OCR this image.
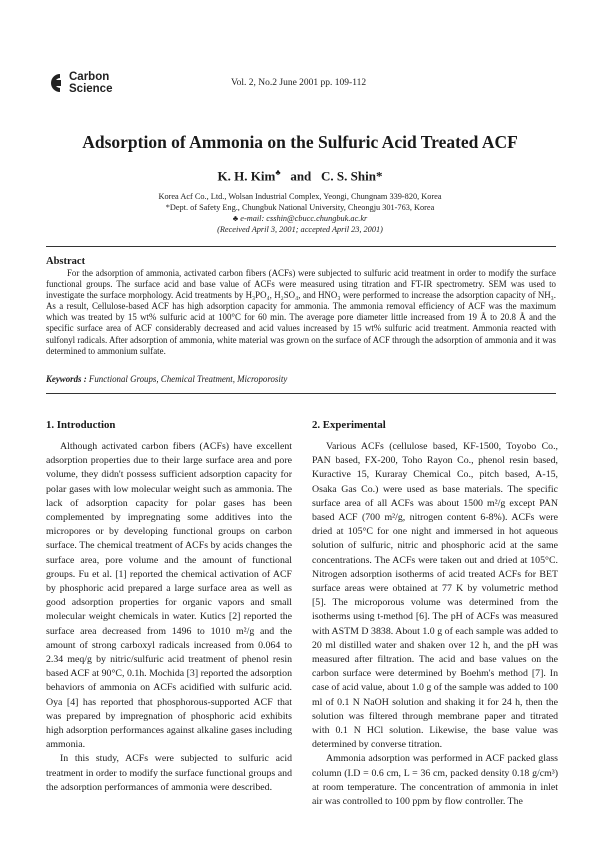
Carbon
Science	Vol. 2, No.2 June 2001 pp. 109-112
Adsorption of Ammonia on the Sulfuric Acid Treated ACF
K. H. Kim♣ and C. S. Shin*
Korea Acf Co., Ltd., Wolsan Industrial Complex, Yeongi, Chungnam 339-820, Korea
*Dept. of Safety Eng., Chungbuk National University, Cheongju 301-763, Korea
♣ e-mail: csshin@cbucc.chungbuk.ac.kr
(Received April 3, 2001; accepted April 23, 2001)
Abstract

For the adsorption of ammonia, activated carbon fibers (ACFs) were subjected to sulfuric acid treatment in order to modify the surface functional groups. The surface acid and base value of ACFs were measured using titration and FT-IR spectrometry. SEM was used to investigate the surface morphology. Acid treatments by H₃PO₄, H₂SO₄, and HNO₃ were performed to increase the adsorption capacity of NH₃. As a result, Cellulose-based ACF has high adsorption capacity for ammonia. The ammonia removal efficiency of ACF was the maximum which was treated by 15 wt% sulfuric acid at 100°C for 60 min. The average pore diameter little increased from 19 Å to 20.8 Å and the specific surface area of ACF considerably decreased and acid values increased by 15 wt% sulfuric acid treatment. Ammonia reacted with sulfonyl radicals. After adsorption of ammonia, white material was grown on the surface of ACF through the adsorption of ammonia and it was determined to ammonium sulfate.

Keywords : Functional Groups, Chemical Treatment, Microporosity
1. Introduction

Although activated carbon fibers (ACFs) have excellent adsorption properties due to their large surface area and pore volume, they didn't possess sufficient adsorption capacity for polar gases with low molecular weight such as ammonia. The lack of adsorption capacity for polar gases has been complemented by impregnating some additives into the micropores or by developing functional groups on carbon surface. The chemical treatment of ACFs by acids changes the surface area, pore volume and the amount of functional groups. Fu et al. [1] reported the chemical activation of ACF by phosphoric acid prepared a large surface area as well as good adsorption properties for organic vapors and small molecular weight chemicals in water. Kutics [2] reported the surface area decreased from 1496 to 1010 m²/g and the amount of strong carboxyl radicals increased from 0.064 to 2.34 meq/g by nitric/sulfuric acid treatment of phenol resin based ACF at 90°C, 0.1h. Mochida [3] reported the adsorption behaviors of ammonia on ACFs acidified with sulfuric acid. Oya [4] has reported that phosphorous-supported ACF that was prepared by impregnation of phosphoric acid exhibits high adsorption performances against alkaline gases including ammonia.

In this study, ACFs were subjected to sulfuric acid treatment in order to modify the surface functional groups and the adsorption performances of ammonia were described.

2. Experimental

Various ACFs (cellulose based, KF-1500, Toyobo Co., PAN based, FX-200, Toho Rayon Co., phenol resin based, Kuractive 15, Kuraray Chemical Co., pitch based, A-15, Osaka Gas Co.) were used as base materials. The specific surface area of all ACFs was about 1500 m²/g except PAN based ACF (700 m²/g, nitrogen content 6-8%). ACFs were dried at 105°C for one night and immersed in hot aqueous solution of sulfuric, nitric and phosphoric acid at the same concentrations. The ACFs were taken out and dried at 105°C. Nitrogen adsorption isotherms of acid treated ACFs for BET surface areas were obtained at 77 K by volumetric method [5]. The microporous volume was determined from the isotherms using t-method [6]. The pH of ACFs was measured with ASTM D 3838. About 1.0 g of each sample was added to 20 ml distilled water and shaken over 12 h, and the pH was measured after filtration. The acid and base values on the carbon surface were determined by Boehm's method [7]. In case of acid value, about 1.0 g of the sample was added to 100 ml of 0.1 N NaOH solution and shaking it for 24 h, then the solution was filtered through membrane paper and titrated with 0.1 N HCl solution. Likewise, the base value was determined by converse titration.

Ammonia adsorption was performed in ACF packed glass column (I.D = 0.6 cm, L = 36 cm, packed density 0.18 g/cm³) at room temperature. The concentration of ammonia in inlet air was controlled to 100 ppm by flow controller. The
